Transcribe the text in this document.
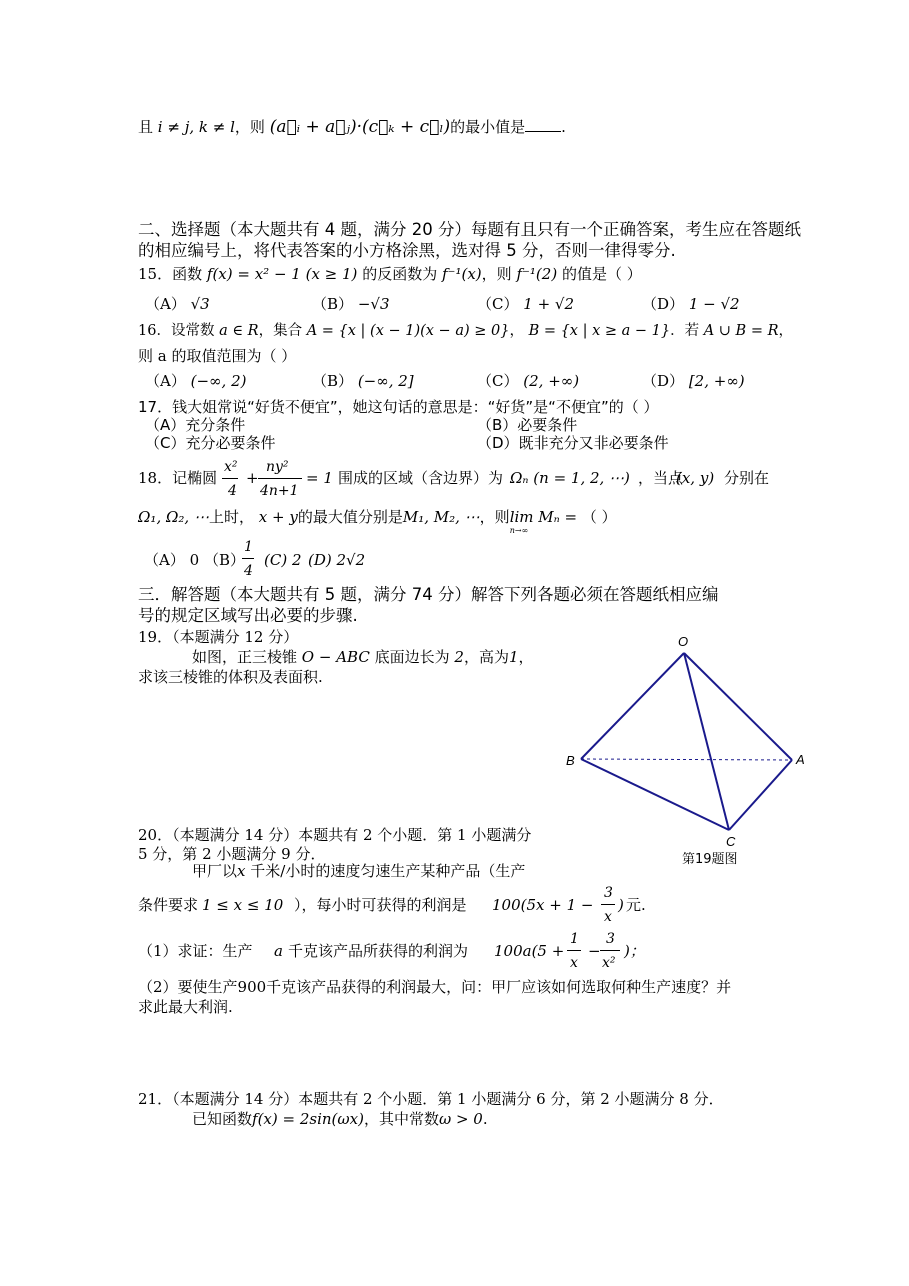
且 i ≠ j, k ≠ l，则 (a⃗ᵢ + a⃗ⱼ)·(c⃗ₖ + c⃗ₗ)的最小值是 .
二、选择题（本大题共有 4 题，满分 20 分）每题有且只有一个正确答案，考生应在答题纸
的相应编号上，将代表答案的小方格涂黑，选对得 5 分，否则一律得零分.
15．函数 f(x) = x² − 1 (x ≥ 1) 的反函数为 f⁻¹(x)，则 f⁻¹(2) 的值是（ ）
（A） √3	（B） −√3	（C） 1 + √2	（D） 1 − √2
16．设常数 a ∈ R，集合 A = {x | (x − 1)(x − a) ≥ 0}， B = {x | x ≥ a − 1}．若 A ∪ B = R，
则 a 的取值范围为（ ）
（A） (−∞, 2)	（B） (−∞, 2]	（C） (2, +∞)	（D） [2, +∞)
17．钱大姐常说“好货不便宜”，她这句话的意思是：“好货”是“不便宜”的（ ）
（A）充分条件	（B）必要条件
（C）充分必要条件	（D）既非充分又非必要条件
18．记椭圆
x²
4
+
ny²
4n+1
= 1 围成的区域（含边界）为 Ωₙ (n = 1, 2, ⋯) ，当点
(x, y) 分别在
Ω₁, Ω₂, ⋯上时， x + y的最大值分别是M₁, M₂, ⋯，则lim Mₙ =
n→∞
（ ）
（A） 0 （B）
1
4
(C) 2 (D) 2√2
三．解答题（本大题共有 5 题，满分 74 分）解答下列各题必须在答题纸相应编
号的规定区域写出必要的步骤.
19．（本题满分 12 分）
如图，正三棱锥 O − ABC 底面边长为 2，高为1，
求该三棱锥的体积及表面积.
O
A
B
C
第19题图
20．（本题满分 14 分）本题共有 2 个小题．第 1 小题满分
5 分，第 2 小题满分 9 分．
甲厂以x 千米/小时的速度匀速生产某种产品（生产
条件要求 1 ≤ x ≤ 10 ），每小时可获得的利润是 100(5x + 1 −
3
x
) 元.
（1）求证：生产 a 千克该产品所获得的利润为 100a(5 +
1
x
−
3
x²
)；
（2）要使生产900千克该产品获得的利润最大，问：甲厂应该如何选取何种生产速度？并
求此最大利润.
21．（本题满分 14 分）本题共有 2 个小题．第 1 小题满分 6 分，第 2 小题满分 8 分．
已知函数f(x) = 2sin(ωx)，其中常数ω > 0.
